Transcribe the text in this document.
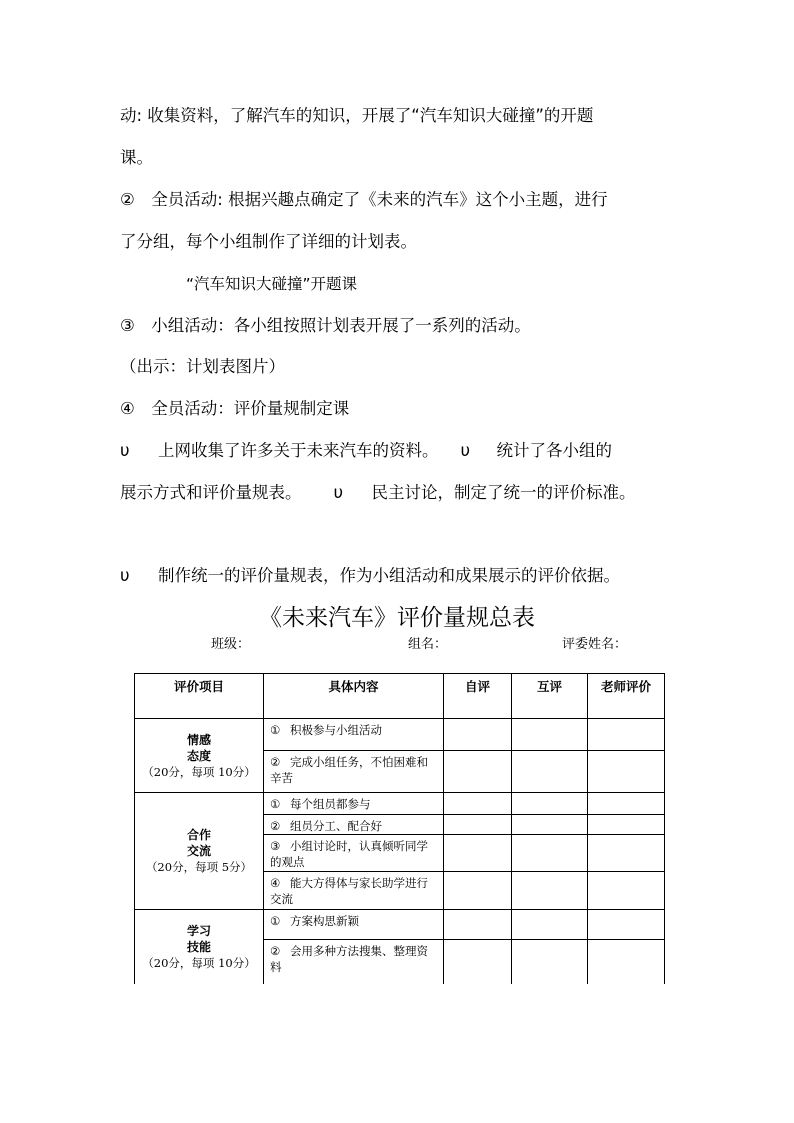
动: 收集资料，了解汽车的知识，开展了“汽车知识大碰撞”的开题
课。
②　全员活动: 根据兴趣点确定了《未来的汽车》这个小主题，进行
了分组，每个小组制作了详细的计划表。
“汽车知识大碰撞”开题课
③　小组活动：各小组按照计划表开展了一系列的活动。
（出示：计划表图片）
④　全员活动：评价量规制定课
υ 上网收集了许多关于未来汽车的资料。 υ 统计了各小组的
展示方式和评价量规表。 υ 民主讨论，制定了统一的评价标准。
υ 制作统一的评价量规表，作为小组活动和成果展示的评价依据。
《未来汽车》评价量规总表
班级：	组名：	评委姓名：
评价项目	具体内容	自评	互评	老师评价

情感
态度
（20分，每项 10分）	① 积极参与小组活动			
	② 完成小组任务，不怕困难和辛苦			

合作
交流
（20分，每项 5分）	① 每个组员都参与			
	② 组员分工、配合好			
	③ 小组讨论时，认真倾听同学的观点			
	④ 能大方得体与家长助学进行交流			

学习
技能
（20分，每项 10分）	① 方案构思新颖			
	② 会用多种方法搜集、整理资料			
